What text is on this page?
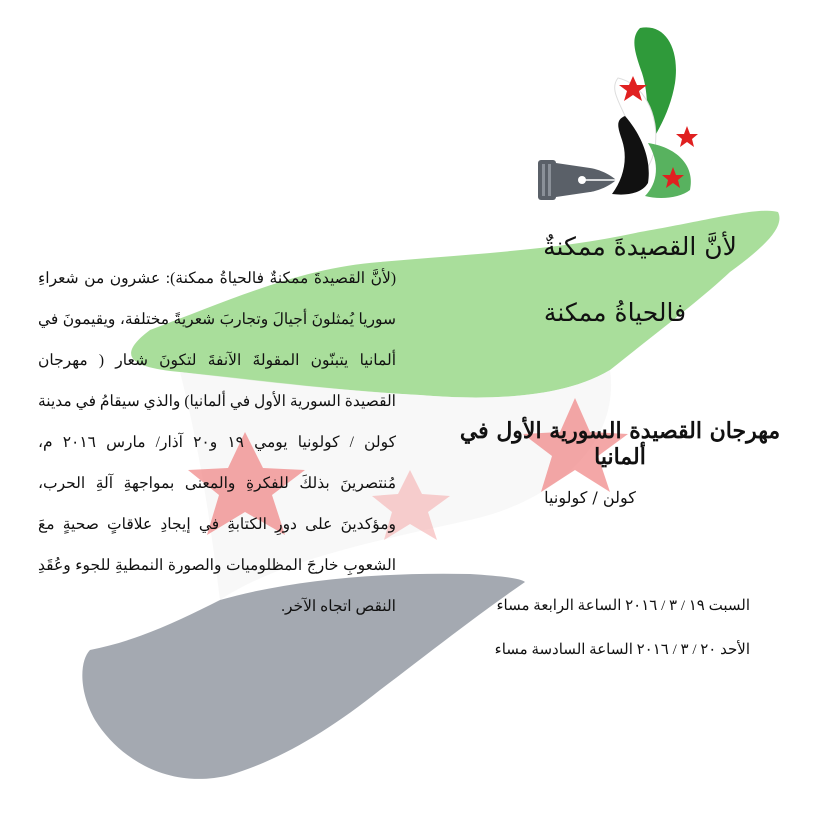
لأنَّ القصيدةَ ممكنةٌ
فالحياةُ ممكنة
مهرجان القصيدة السورية الأول في ألمانيا
كولن / كولونيا
السبت ١٩ / ٣ / ٢٠١٦ الساعة الرابعة مساء
الأحد ٢٠ / ٣ / ٢٠١٦ الساعة السادسة مساء
(لأنَّ القصيدةَ ممكنةٌ فالحياةُ ممكنة): عشرون من شعراءِ سوريا يُمثلونَ أجيالَ وتجاربَ شعريةً مختلفة، ويقيمونَ في ألمانيا يتبنّون المقولةَ الآنفةَ لتكونَ شعار ( مهرجان القصيدة السورية الأول في ألمانيا) والذي سيقامُ في مدينة كولن / كولونيا يومي ١٩ و٢٠ آذار/ مارس ٢٠١٦ م، مُنتصرينَ بذلكَ للفكرةِ والمعنى بمواجهةِ آلةِ الحرب، ومؤكدينَ على دورِ الكتابةِ في إيجادِ علاقاتٍ صحيةٍ معَ الشعوبِ خارجَ المظلوميات والصورة النمطيةِ للجوء وعُقَدِ النقص اتجاه الآخر.
